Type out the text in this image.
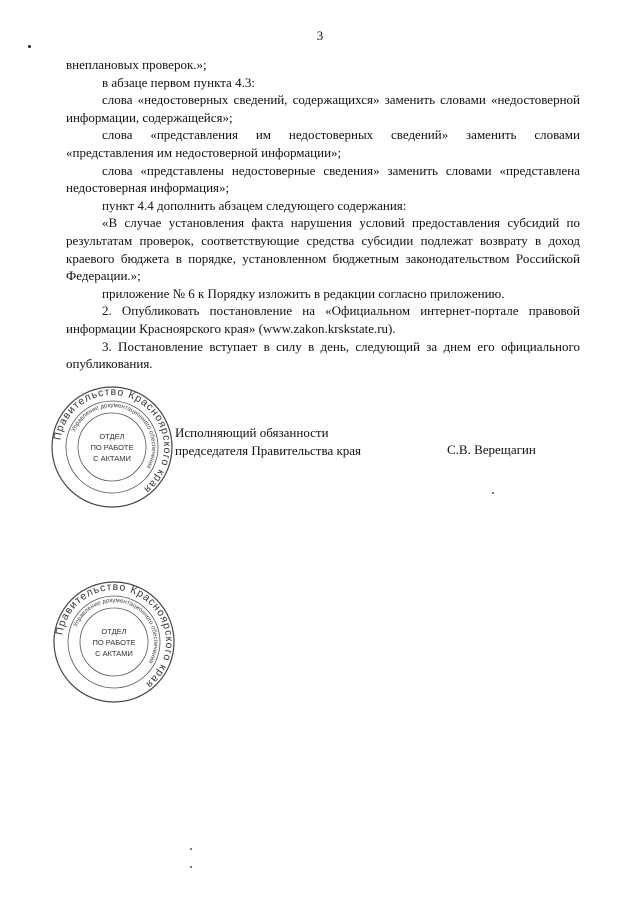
3

внеплановых проверок.»;

в абзаце первом пункта 4.3:

слова «недостоверных сведений, содержащихся» заменить словами «недостоверной информации, содержащейся»;

слова «представления им недостоверных сведений» заменить словами «представления им недостоверной информации»;

слова «представлены недостоверные сведения» заменить словами «представлена недостоверная информация»;

пункт 4.4 дополнить абзацем следующего содержания:

«В случае установления факта нарушения условий предоставления субсидий по результатам проверок, соответствующие средства субсидии подлежат возврату в доход краевого бюджета в порядке, установленном бюджетным законодательством Российской Федерации.»;

приложение № 6 к Порядку изложить в редакции согласно приложению.

2. Опубликовать постановление на «Официальном интернет-портале правовой информации Красноярского края» (www.zakon.krskstate.ru).

3. Постановление вступает в силу в день, следующий за днем его официального опубликования.

Правительство Красноярского края
Управление документационного обеспечения
ОТДЕЛ
ПО РАБОТЕ
С АКТАМИ
Правительство Красноярского края
Управление документационного обеспечения
ОТДЕЛ
ПО РАБОТЕ
С АКТАМИ
Исполняющий обязанности
председателя Правительства края	С.В. Верещагин
